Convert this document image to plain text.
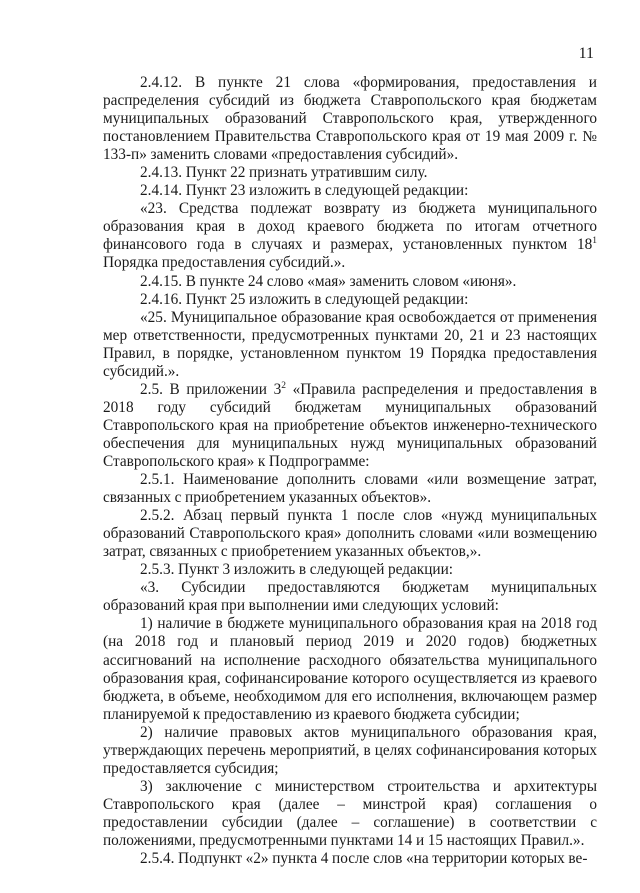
11

2.4.12. В пункте 21 слова «формирования, предоставления и распределения субсидий из бюджета Ставропольского края бюджетам муниципальных образований Ставропольского края, утвержденного постановлением Правительства Ставропольского края от 19 мая 2009 г. № 133-п» заменить словами «предоставления субсидий».

2.4.13. Пункт 22 признать утратившим силу.

2.4.14. Пункт 23 изложить в следующей редакции:

«23. Средства подлежат возврату из бюджета муниципального образования края в доход краевого бюджета по итогам отчетного финансового года в случаях и размерах, установленных пунктом $18^1$ Порядка предоставления субсидий.».

2.4.15. В пункте 24 слово «мая» заменить словом «июня».

2.4.16. Пункт 25 изложить в следующей редакции:

«25. Муниципальное образование края освобождается от применения мер ответственности, предусмотренных пунктами 20, 21 и 23 настоящих Правил, в порядке, установленном пунктом 19 Порядка предоставления субсидий.».

2.5. В приложении $3^2$ «Правила распределения и предоставления в 2018 году субсидий бюджетам муниципальных образований Ставропольского края на приобретение объектов инженерно-технического обеспечения для муниципальных нужд муниципальных образований Ставропольского края» к Подпрограмме:

2.5.1. Наименование дополнить словами «или возмещение затрат, связанных с приобретением указанных объектов».

2.5.2. Абзац первый пункта 1 после слов «нужд муниципальных образований Ставропольского края» дополнить словами «или возмещению затрат, связанных с приобретением указанных объектов,».

2.5.3. Пункт 3 изложить в следующей редакции:

«3. Субсидии предоставляются бюджетам муниципальных образований края при выполнении ими следующих условий:

1) наличие в бюджете муниципального образования края на 2018 год (на 2018 год и плановый период 2019 и 2020 годов) бюджетных ассигнований на исполнение расходного обязательства муниципального образования края, софинансирование которого осуществляется из краевого бюджета, в объеме, необходимом для его исполнения, включающем размер планируемой к предоставлению из краевого бюджета субсидии;

2) наличие правовых актов муниципального образования края, утверждающих перечень мероприятий, в целях софинансирования которых предоставляется субсидия;

3) заключение с министерством строительства и архитектуры Ставропольского края (далее – минстрой края) соглашения о предоставлении субсидии (далее – соглашение) в соответствии с положениями, предусмотренными пунктами 14 и 15 настоящих Правил.».

2.5.4. Подпункт «2» пункта 4 после слов «на территории которых ве-
